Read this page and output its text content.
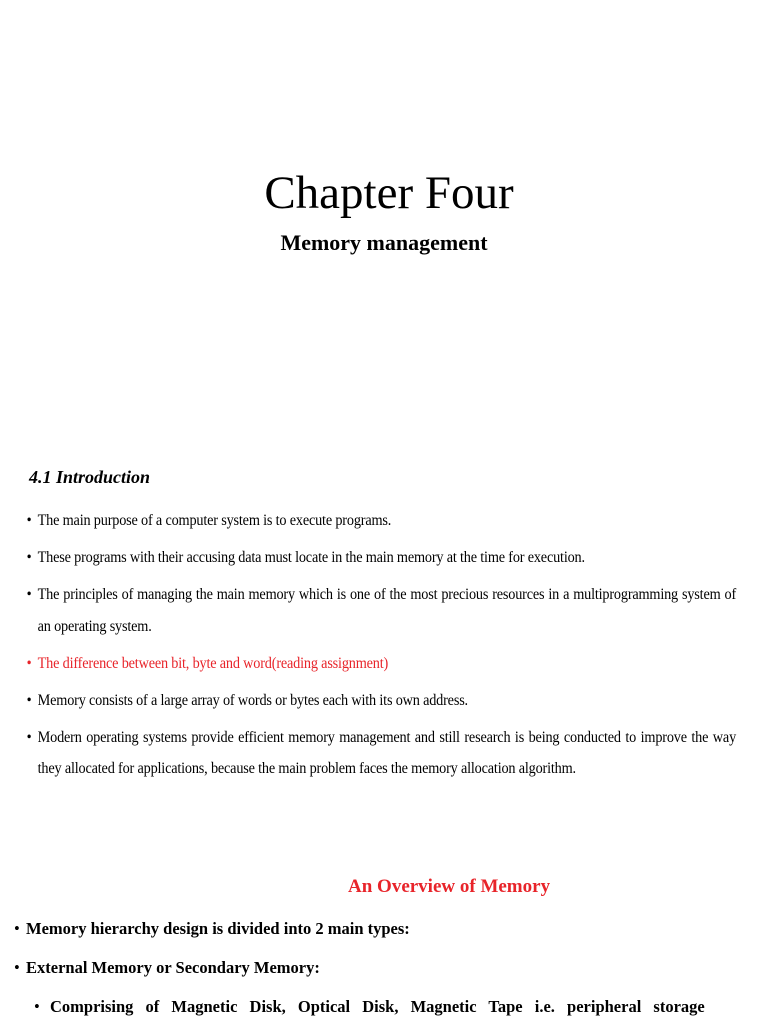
Chapter Four
Memory management
4.1 Introduction
• The main purpose of a computer system is to execute programs.
• These programs with their accusing data must locate in the main memory at the time for execution.
• The principles of managing the main memory which is one of the most precious resources in a multiprogramming system of an operating system.
• The difference between bit, byte and word(reading assignment)
• Memory consists of a large array of words or bytes each with its own address.
• Modern operating systems provide efficient memory management and still research is being conducted to improve the way they allocated for applications, because the main problem faces the memory allocation algorithm.
An Overview of Memory
• Memory hierarchy design is divided into 2 main types:
• External Memory or Secondary Memory:
• Comprising of Magnetic Disk, Optical Disk, Magnetic Tape i.e. peripheral storage
